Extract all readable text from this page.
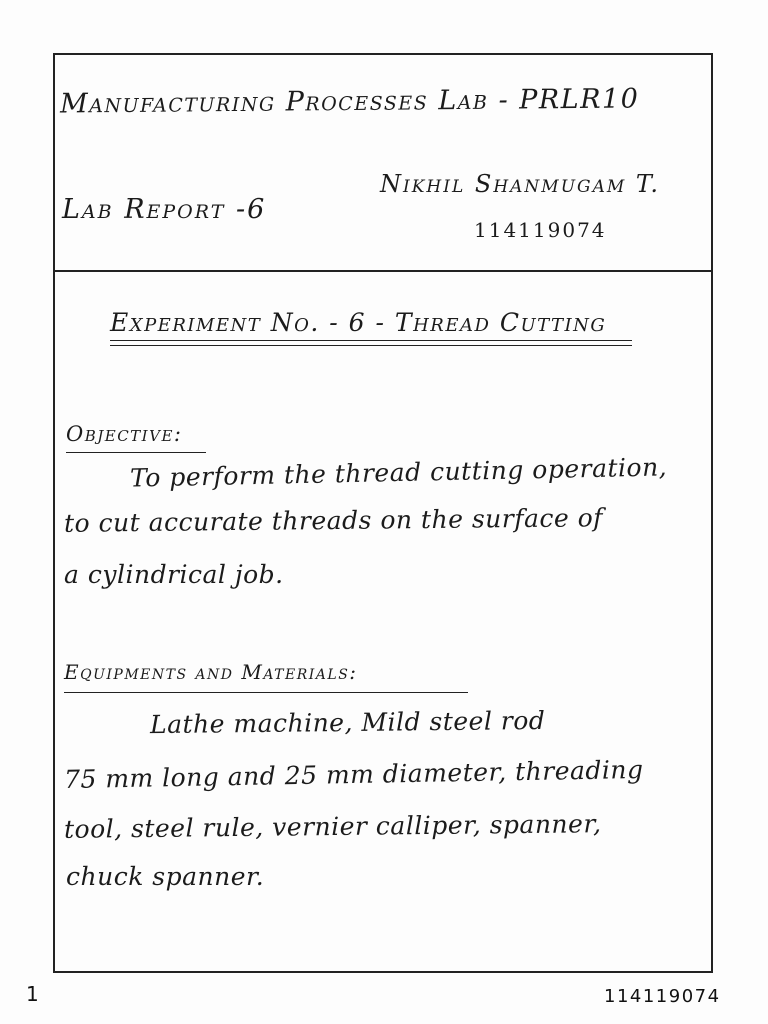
Manufacturing Processes Lab - PRLR10
Lab Report -6
Nikhil Shanmugam T.
114119074
Experiment No. - 6 - Thread Cutting
Objective:
To perform the thread cutting operation,
to cut accurate threads on the surface of
a cylindrical job.
Equipments and Materials:
Lathe machine, Mild steel rod
75 mm long and 25 mm diameter, threading
tool, steel rule, vernier calliper, spanner,
chuck spanner.
1	114119074
